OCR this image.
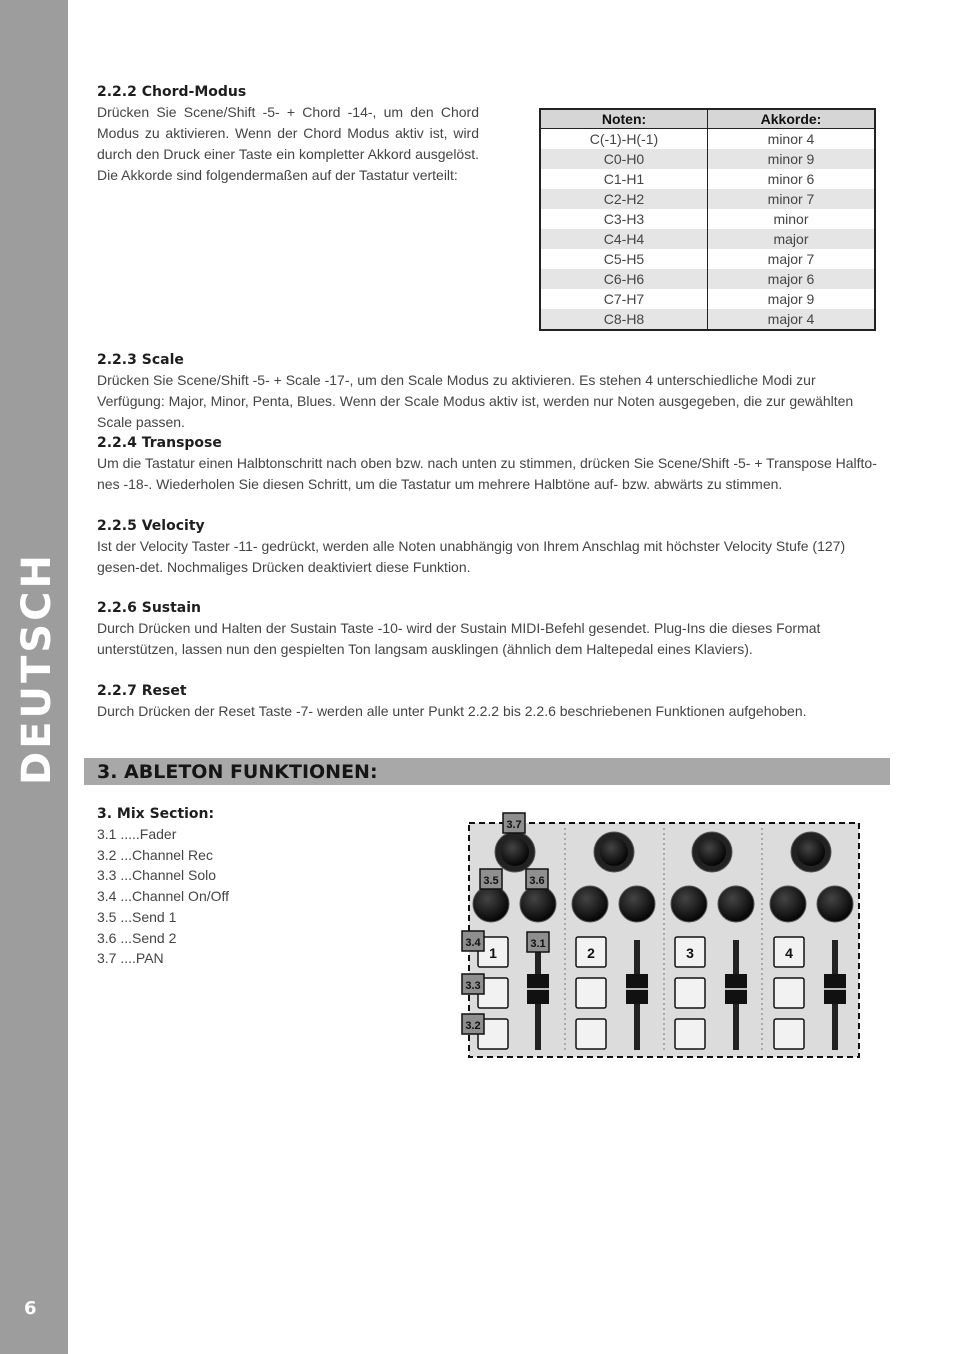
DEUTSCH
6
2.2.2 Chord-Modus

Drücken Sie Scene/Shift -5- + Chord -14-, um den Chord Modus zu aktivieren. Wenn der Chord Modus aktiv ist, wird durch den Druck einer Taste ein kompletter Akkord ausgelöst. Die Akkorde sind folgendermaßen auf der Tastatur verteilt:

Noten:	Akkorde:
C(-1)-H(-1)	minor 4
C0-H0	minor 9
C1-H1	minor 6
C2-H2	minor 7
C3-H3	minor
C4-H4	major
C5-H5	major 7
C6-H6	major 6
C7-H7	major 9
C8-H8	major 4
2.2.3 Scale

Drücken Sie Scene/Shift -5- + Scale -17-, um den Scale Modus zu aktivieren. Es stehen 4 unterschiedliche Modi zur Verfügung: Major, Minor, Penta, Blues. Wenn der Scale Modus aktiv ist, werden nur Noten ausgegeben, die zur gewählten Scale passen.

2.2.4 Transpose

Um die Tastatur einen Halbtonschritt nach oben bzw. nach unten zu stimmen, drücken Sie Scene/Shift -5- + Transpose Halfto-nes -18-. Wiederholen Sie diesen Schritt, um die Tastatur um mehrere Halbtöne auf- bzw. abwärts zu stimmen.

2.2.5 Velocity

Ist der Velocity Taster -11- gedrückt, werden alle Noten unabhängig von Ihrem Anschlag mit höchster Velocity Stufe (127) gesen-det. Nochmaliges Drücken deaktiviert diese Funktion.

2.2.6 Sustain

Durch Drücken und Halten der Sustain Taste -10- wird der Sustain MIDI-Befehl gesendet. Plug-Ins die dieses Format unterstützen, lassen nun den gespielten Ton langsam ausklingen (ähnlich dem Haltepedal eines Klaviers).

2.2.7 Reset

Durch Drücken der Reset Taste -7- werden alle unter Punkt 2.2.2 bis 2.2.6 beschriebenen Funktionen aufgehoben.

3. ABLETON FUNKTIONEN:
3. Mix Section:
3.1 .....Fader
3.2 ...Channel Rec
3.3 ...Channel Solo
3.4 ...Channel On/Off
3.5 ...Send 1
3.6 ...Send 2
3.7 ....PAN	1	2	3	4
3.7
3.5	3.6
3.4	3.1
3.3
3.2
